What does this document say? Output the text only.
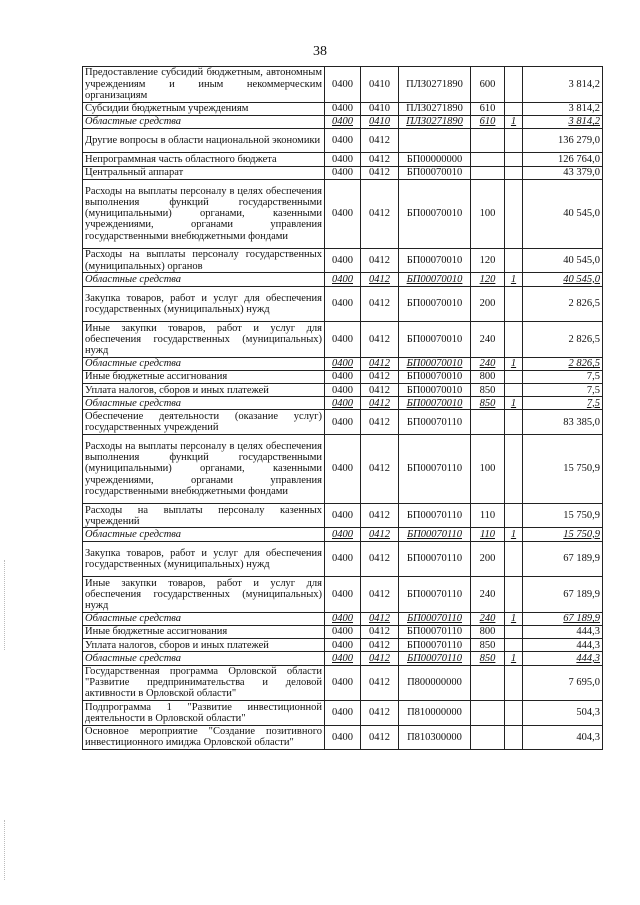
38
Предоставление субсидий бюджетным, автономным учреждениям и иным некоммерческим организациям	0400	0410	ПЛЗ0271890	600		3 814,2
Субсидии бюджетным учреждениям	0400	0410	ПЛЗ0271890	610		3 814,2
Областные средства	0400	0410	ПЛЗ0271890	610	1	3 814,2
Другие вопросы в области национальной экономики	0400	0412				136 279,0
Непрограммная часть областного бюджета	0400	0412	БП00000000			126 764,0
Центральный аппарат	0400	0412	БП00070010			43 379,0
Расходы на выплаты персоналу в целях обеспечения выполнения функций государственными (муниципальными) органами, казенными учреждениями, органами управления государственными внебюджетными фондами	0400	0412	БП00070010	100		40 545,0
Расходы на выплаты персоналу государственных (муниципальных) органов	0400	0412	БП00070010	120		40 545,0
Областные средства	0400	0412	БП00070010	120	1	40 545,0
Закупка товаров, работ и услуг для обеспечения государственных (муниципальных) нужд	0400	0412	БП00070010	200		2 826,5
Иные закупки товаров, работ и услуг для обеспечения государственных (муниципальных) нужд	0400	0412	БП00070010	240		2 826,5
Областные средства	0400	0412	БП00070010	240	1	2 826,5
Иные бюджетные ассигнования	0400	0412	БП00070010	800		7,5
Уплата налогов, сборов и иных платежей	0400	0412	БП00070010	850		7,5
Областные средства	0400	0412	БП00070010	850	1	7,5
Обеспечение деятельности (оказание услуг) государственных учреждений	0400	0412	БП00070110			83 385,0
Расходы на выплаты персоналу в целях обеспечения выполнения функций государственными (муниципальными) органами, казенными учреждениями, органами управления государственными внебюджетными фондами	0400	0412	БП00070110	100		15 750,9
Расходы на выплаты персоналу казенных учреждений	0400	0412	БП00070110	110		15 750,9
Областные средства	0400	0412	БП00070110	110	1	15 750,9
Закупка товаров, работ и услуг для обеспечения государственных (муниципальных) нужд	0400	0412	БП00070110	200		67 189,9
Иные закупки товаров, работ и услуг для обеспечения государственных (муниципальных) нужд	0400	0412	БП00070110	240		67 189,9
Областные средства	0400	0412	БП00070110	240	1	67 189,9
Иные бюджетные ассигнования	0400	0412	БП00070110	800		444,3
Уплата налогов, сборов и иных платежей	0400	0412	БП00070110	850		444,3
Областные средства	0400	0412	БП00070110	850	1	444,3
Государственная программа Орловской области "Развитие предпринимательства и деловой активности в Орловской области"	0400	0412	П800000000			7 695,0
Подпрограмма 1 "Развитие инвестиционной деятельности в Орловской области"	0400	0412	П810000000			504,3
Основное мероприятие "Создание позитивного инвестиционного имиджа Орловской области"	0400	0412	П810300000			404,3
